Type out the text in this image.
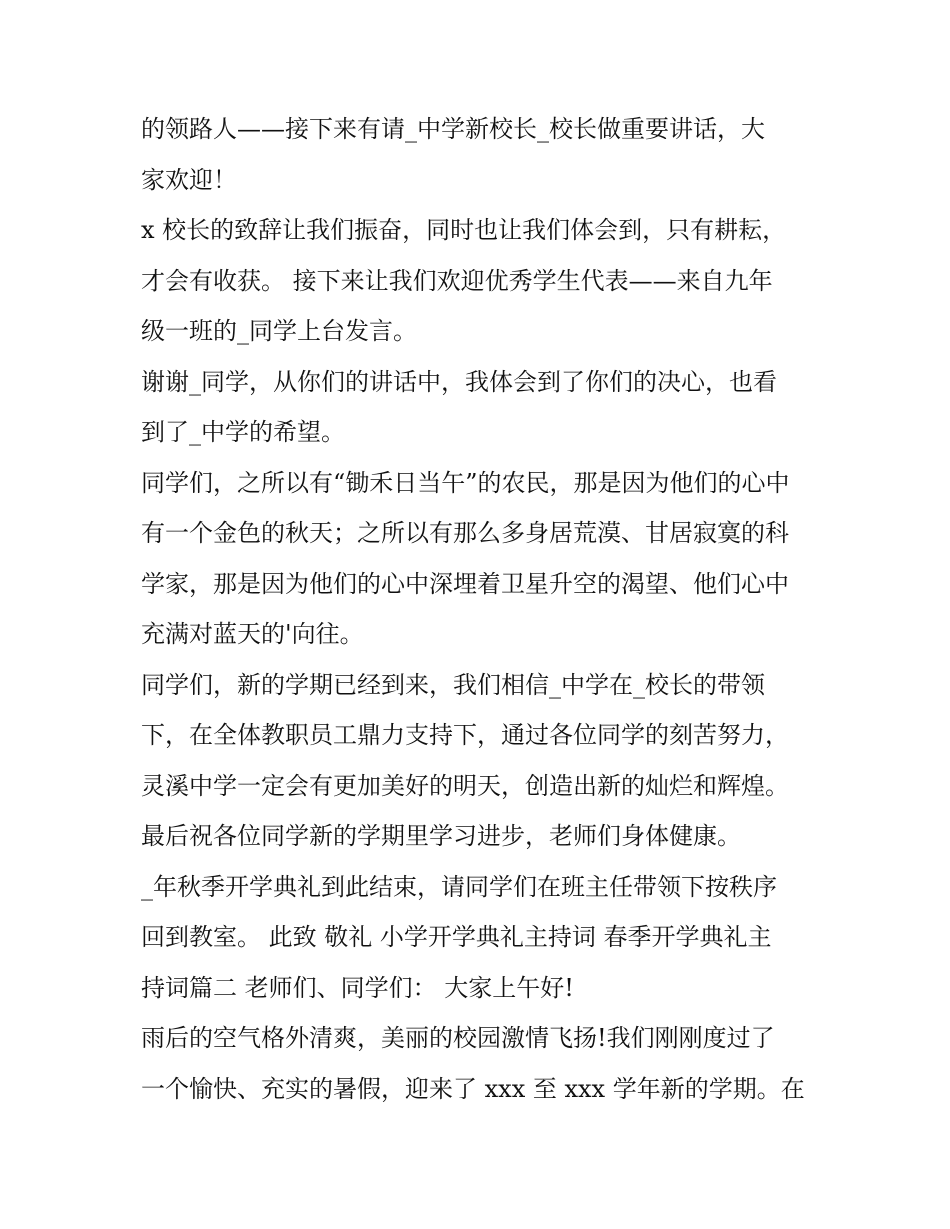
的领路人——接下来有请_中学新校长_校长做重要讲话，大
家欢迎！
x 校长的致辞让我们振奋，同时也让我们体会到，只有耕耘，
才会有收获。 接下来让我们欢迎优秀学生代表——来自九年
级一班的_同学上台发言。
谢谢_同学，从你们的讲话中，我体会到了你们的决心，也看
到了_中学的希望。
同学们，之所以有“锄禾日当午”的农民，那是因为他们的心中
有一个金色的秋天；之所以有那么多身居荒漠、甘居寂寞的科
学家，那是因为他们的心中深埋着卫星升空的渴望、他们心中
充满对蓝天的'向往。
同学们，新的学期已经到来，我们相信_中学在_校长的带领
下，在全体教职员工鼎力支持下，通过各位同学的刻苦努力，
灵溪中学一定会有更加美好的明天，创造出新的灿烂和辉煌。
最后祝各位同学新的学期里学习进步，老师们身体健康。
_年秋季开学典礼到此结束，请同学们在班主任带领下按秩序
回到教室。 此致 敬礼 小学开学典礼主持词 春季开学典礼主
持词篇二 老师们、同学们： 大家上午好!
雨后的空气格外清爽，美丽的校园激情飞扬!我们刚刚度过了
一个愉快、充实的暑假，迎来了 xxx 至 xxx 学年新的学期。在
